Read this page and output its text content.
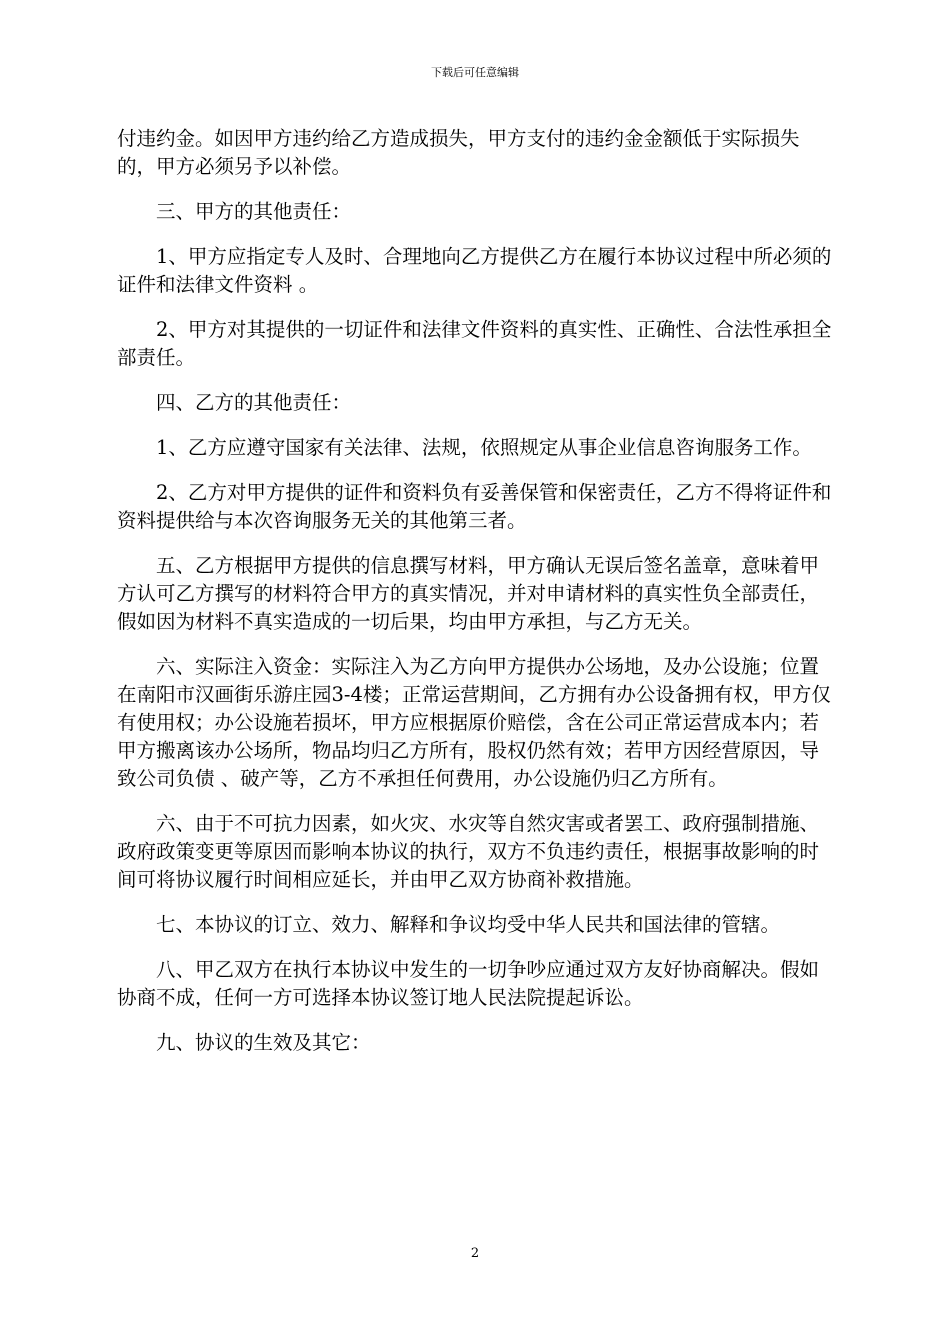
下载后可任意编辑

付违约金。如因甲方违约给乙方造成损失，甲方支付的违约金金额低于实际损失的，甲方必须另予以补偿。

三、甲方的其他责任：

1、甲方应指定专人及时、合理地向乙方提供乙方在履行本协议过程中所必须的证件和法律文件资料 。

2、甲方对其提供的一切证件和法律文件资料的真实性、正确性、合法性承担全部责任。

四、乙方的其他责任：

1、乙方应遵守国家有关法律、法规，依照规定从事企业信息咨询服务工作。

2、乙方对甲方提供的证件和资料负有妥善保管和保密责任，乙方不得将证件和资料提供给与本次咨询服务无关的其他第三者。

五、乙方根据甲方提供的信息撰写材料，甲方确认无误后签名盖章，意味着甲方认可乙方撰写的材料符合甲方的真实情况，并对申请材料的真实性负全部责任，假如因为材料不真实造成的一切后果，均由甲方承担，与乙方无关。

六、实际注入资金：实际注入为乙方向甲方提供办公场地，及办公设施；位置在南阳市汉画街乐游庄园3-4楼；正常运营期间，乙方拥有办公设备拥有权，甲方仅有使用权；办公设施若损坏，甲方应根据原价赔偿，含在公司正常运营成本内；若甲方搬离该办公场所，物品均归乙方所有，股权仍然有效；若甲方因经营原因，导致公司负债 、破产等，乙方不承担任何费用，办公设施仍归乙方所有。

六、由于不可抗力因素，如火灾、水灾等自然灾害或者罢工、政府强制措施、政府政策变更等原因而影响本协议的执行，双方不负违约责任，根据事故影响的时间可将协议履行时间相应延长，并由甲乙双方协商补救措施。

七、本协议的订立、效力、解释和争议均受中华人民共和国法律的管辖。

八、甲乙双方在执行本协议中发生的一切争吵应通过双方友好协商解决。假如协商不成，任何一方可选择本协议签订地人民法院提起诉讼。

九、协议的生效及其它：

2
